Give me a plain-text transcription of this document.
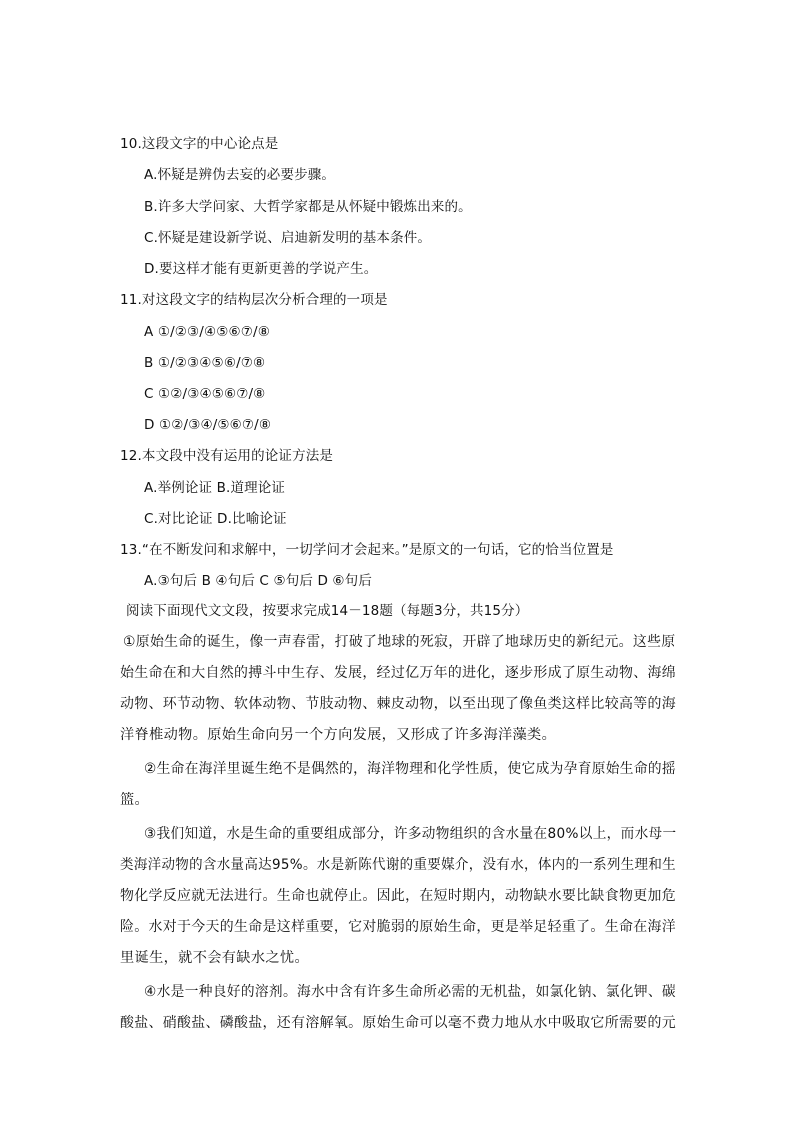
10.这段文字的中心论点是
A.怀疑是辨伪去妄的必要步骤。
B.许多大学问家、大哲学家都是从怀疑中锻炼出来的。
C.怀疑是建设新学说、启迪新发明的基本条件。
D.要这样才能有更新更善的学说产生。
11.对这段文字的结构层次分析合理的一项是
A ①/②③/④⑤⑥⑦/⑧
B ①/②③④⑤⑥/⑦⑧
C ①②/③④⑤⑥⑦/⑧
D ①②/③④/⑤⑥⑦/⑧
12.本文段中没有运用的论证方法是
A.举例论证 B.道理论证
C.对比论证 D.比喻论证
13.“在不断发问和求解中，一切学问才会起来。”是原文的一句话，它的恰当位置是
A.③句后 B ④句后 C ⑤句后 D ⑥句后
阅读下面现代文文段，按要求完成14－18题（每题3分，共15分）
①原始生命的诞生，像一声春雷，打破了地球的死寂，开辟了地球历史的新纪元。这些原
始生命在和大自然的搏斗中生存、发展，经过亿万年的进化，逐步形成了原生动物、海绵
动物、环节动物、软体动物、节肢动物、棘皮动物，以至出现了像鱼类这样比较高等的海
洋脊椎动物。原始生命向另一个方向发展，又形成了许多海洋藻类。
②生命在海洋里诞生绝不是偶然的，海洋物理和化学性质，使它成为孕育原始生命的摇
篮。
③我们知道，水是生命的重要组成部分，许多动物组织的含水量在80%以上，而水母一
类海洋动物的含水量高达95%。水是新陈代谢的重要媒介，没有水，体内的一系列生理和生
物化学反应就无法进行。生命也就停止。因此，在短时期内，动物缺水要比缺食物更加危
险。水对于今天的生命是这样重要，它对脆弱的原始生命，更是举足轻重了。生命在海洋
里诞生，就不会有缺水之忧。
④水是一种良好的溶剂。海水中含有许多生命所必需的无机盐，如氯化钠、氯化钾、碳
酸盐、硝酸盐、磷酸盐，还有溶解氧。原始生命可以毫不费力地从水中吸取它所需要的元
